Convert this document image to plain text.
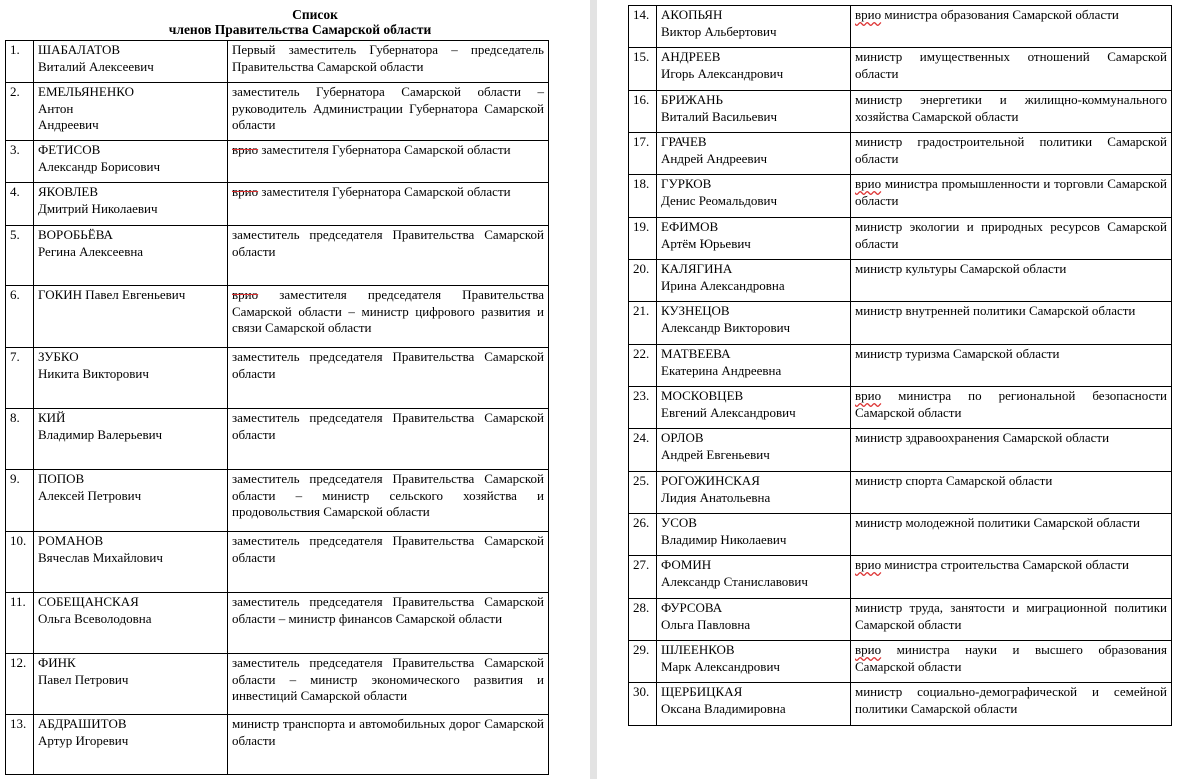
Список
членов Правительства Самарской области
1.	ШАБАЛАТОВ
Виталий Алексеевич	Первый заместитель Губернатора – председатель Правительства Самарской области
2.	ЕМЕЛЬЯНЕНКО
Антон
Андреевич	заместитель Губернатора Самарской области – руководитель Администрации Губернатора Самарской области
3.	ФЕТИСОВ
Александр Борисович	врио заместителя Губернатора Самарской области
4.	ЯКОВЛЕВ
Дмитрий Николаевич	врио заместителя Губернатора Самарской области
5.	ВОРОБЬЁВА
Регина Алексеевна	заместитель председателя Правительства Самарской области
6.	ГОКИН Павел Евгеньевич	врио заместителя председателя Правительства Самарской области – министр цифрового развития и связи Самарской области
7.	ЗУБКО
Никита Викторович	заместитель председателя Правительства Самарской области
8.	КИЙ
Владимир Валерьевич	заместитель председателя Правительства Самарской области
9.	ПОПОВ
Алексей Петрович	заместитель председателя Правительства Самарской области – министр сельского хозяйства и продовольствия Самарской области
10.	РОМАНОВ
Вячеслав Михайлович	заместитель председателя Правительства Самарской области
11.	СОБЕЩАНСКАЯ
Ольга Всеволодовна	заместитель председателя Правительства Самарской области – министр финансов Самарской области
12.	ФИНК
Павел Петрович	заместитель председателя Правительства Самарской области – министр экономического развития и инвестиций Самарской области
13.	АБДРАШИТОВ
Артур Игоревич	министр транспорта и автомобильных дорог Самарской области
14.	АКОПЬЯН
Виктор Альбертович	врио министра образования Самарской области
15.	АНДРЕЕВ
Игорь Александрович	министр имущественных отношений Самарской области
16.	БРИЖАНЬ
Виталий Васильевич	министр энергетики и жилищно-коммунального хозяйства Самарской области
17.	ГРАЧЕВ
Андрей Андреевич	министр градостроительной политики Самарской области
18.	ГУРКОВ
Денис Реомальдович	врио министра промышленности и торговли Самарской области
19.	ЕФИМОВ
Артём Юрьевич	министр экологии и природных ресурсов Самарской области
20.	КАЛЯГИНА
Ирина Александровна	министр культуры Самарской области
21.	КУЗНЕЦОВ
Александр Викторович	министр внутренней политики Самарской области
22.	МАТВЕЕВА
Екатерина Андреевна	министр туризма Самарской области
23.	МОСКОВЦЕВ
Евгений Александрович	врио министра по региональной безопасности Самарской области
24.	ОРЛОВ
Андрей Евгеньевич	министр здравоохранения Самарской области
25.	РОГОЖИНСКАЯ
Лидия Анатольевна	министр спорта Самарской области
26.	УСОВ
Владимир Николаевич	министр молодежной политики Самарской области
27.	ФОМИН
Александр Станиславович	врио министра строительства Самарской области
28.	ФУРСОВА
Ольга Павловна	министр труда, занятости и миграционной политики Самарской области
29.	ШЛЕЕНКОВ
Марк Александрович	врио министра науки и высшего образования Самарской области
30.	ЩЕРБИЦКАЯ
Оксана Владимировна	министр социально-демографической и семейной политики Самарской области
